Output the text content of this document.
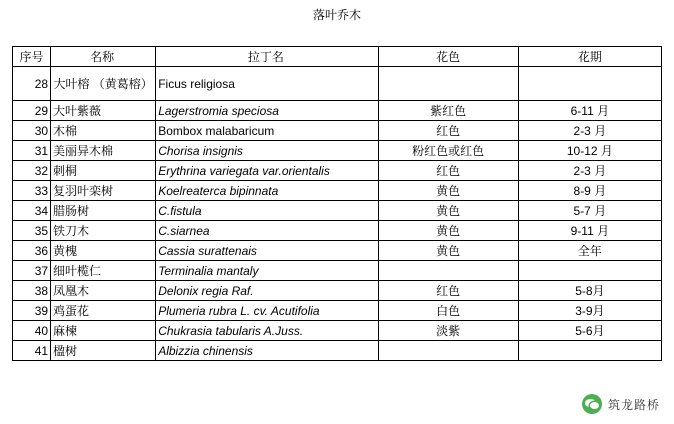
落叶乔木
序号	名称	拉丁名	花色	花期
28	大叶榕 （黄葛榕）	Ficus religiosa		
29	大叶紫薇	Lagerstromia speciosa	紫红色	6-11 月
30	木棉	Bombox malabaricum	红色	2-3 月
31	美丽异木棉	Chorisa insignis	粉红色或红色	10-12 月
32	刺桐	Erythrina variegata var.orientalis	红色	2-3 月
33	复羽叶栾树	Koelreaterca bipinnata	黄色	8-9 月
34	腊肠树	C.fistula	黄色	5-7 月
35	铁刀木	C.siarnea	黄色	9-11 月
36	黄槐	Cassia surattenais	黄色	全年
37	细叶榄仁	Terminalia mantaly		
38	凤凰木	Delonix regia Raf.	红色	5-8月
39	鸡蛋花	Plumeria rubra L. cv. Acutifolia	白色	3-9月
40	麻楝	Chukrasia tabularis A.Juss.	淡紫	5-6月
41	楹树	Albizzia chinensis		
筑龙路桥
